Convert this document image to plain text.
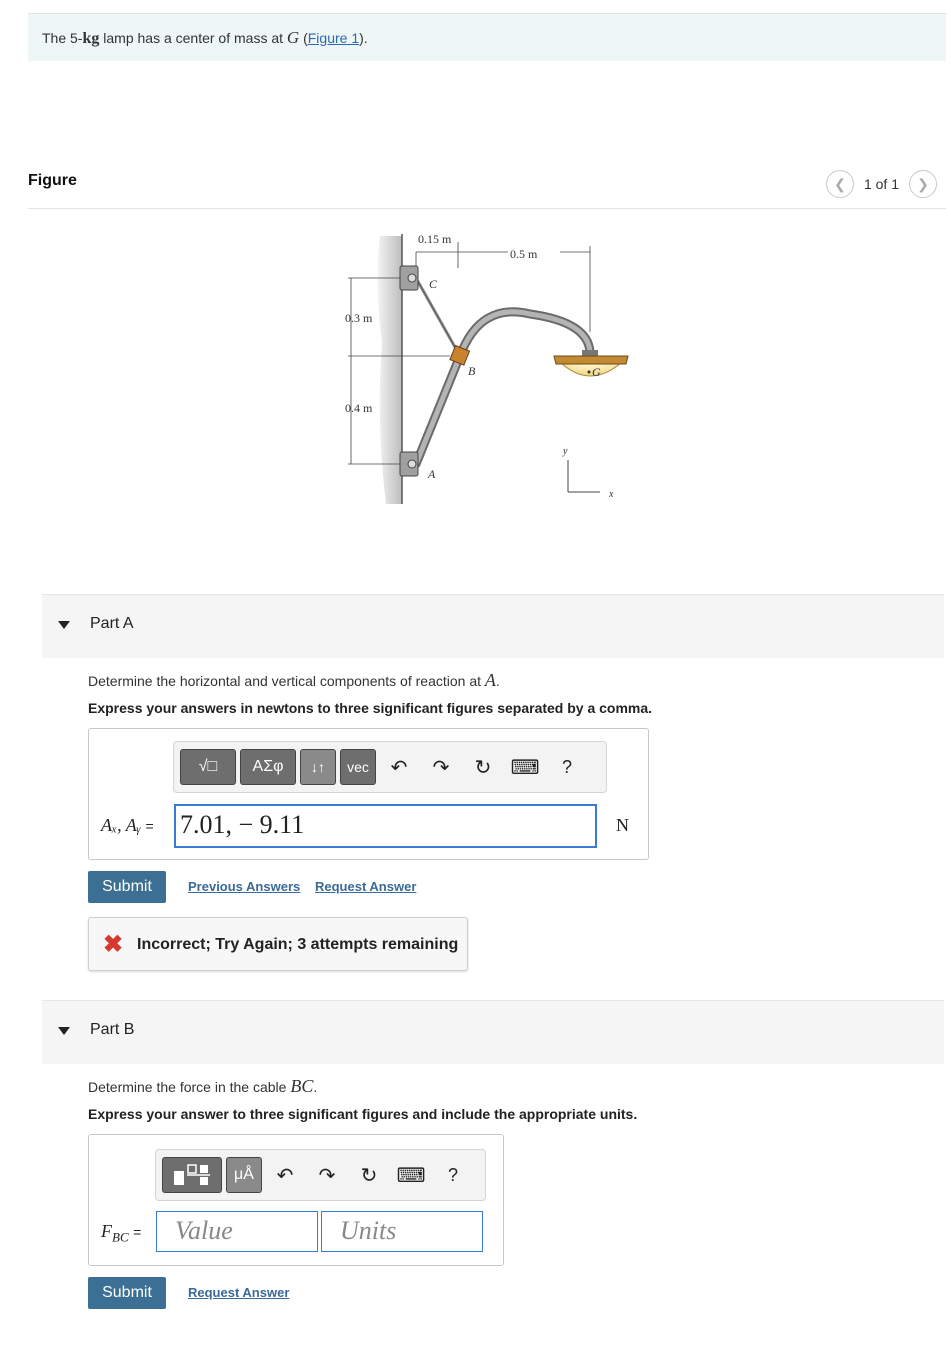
The 5-kg lamp has a center of mass at G (Figure 1).
Figure	❮	1 of 1	❯
0.15 m
0.5 m
0.3 m
0.4 m
C
B
A
G
y
x
Part A
Determine the horizontal and vertical components of reaction at A.
Express your answers in newtons to three significant figures separated by a comma.
√□	ΑΣφ	↓↑	vec	↶	↷	↻ ⌨	?
Aₓ, Aᵧ = 7.01, − 9.11	N
Submit	Previous Answers Request Answer
✖ Incorrect; Try Again; 3 attempts remaining
Part B
Determine the force in the cable BC.
Express your answer to three significant figures and include the appropriate units.
μÅ	↶	↷	↻ ⌨	?
$F_{BC}$ =	Value	Units
Submit	Request Answer
